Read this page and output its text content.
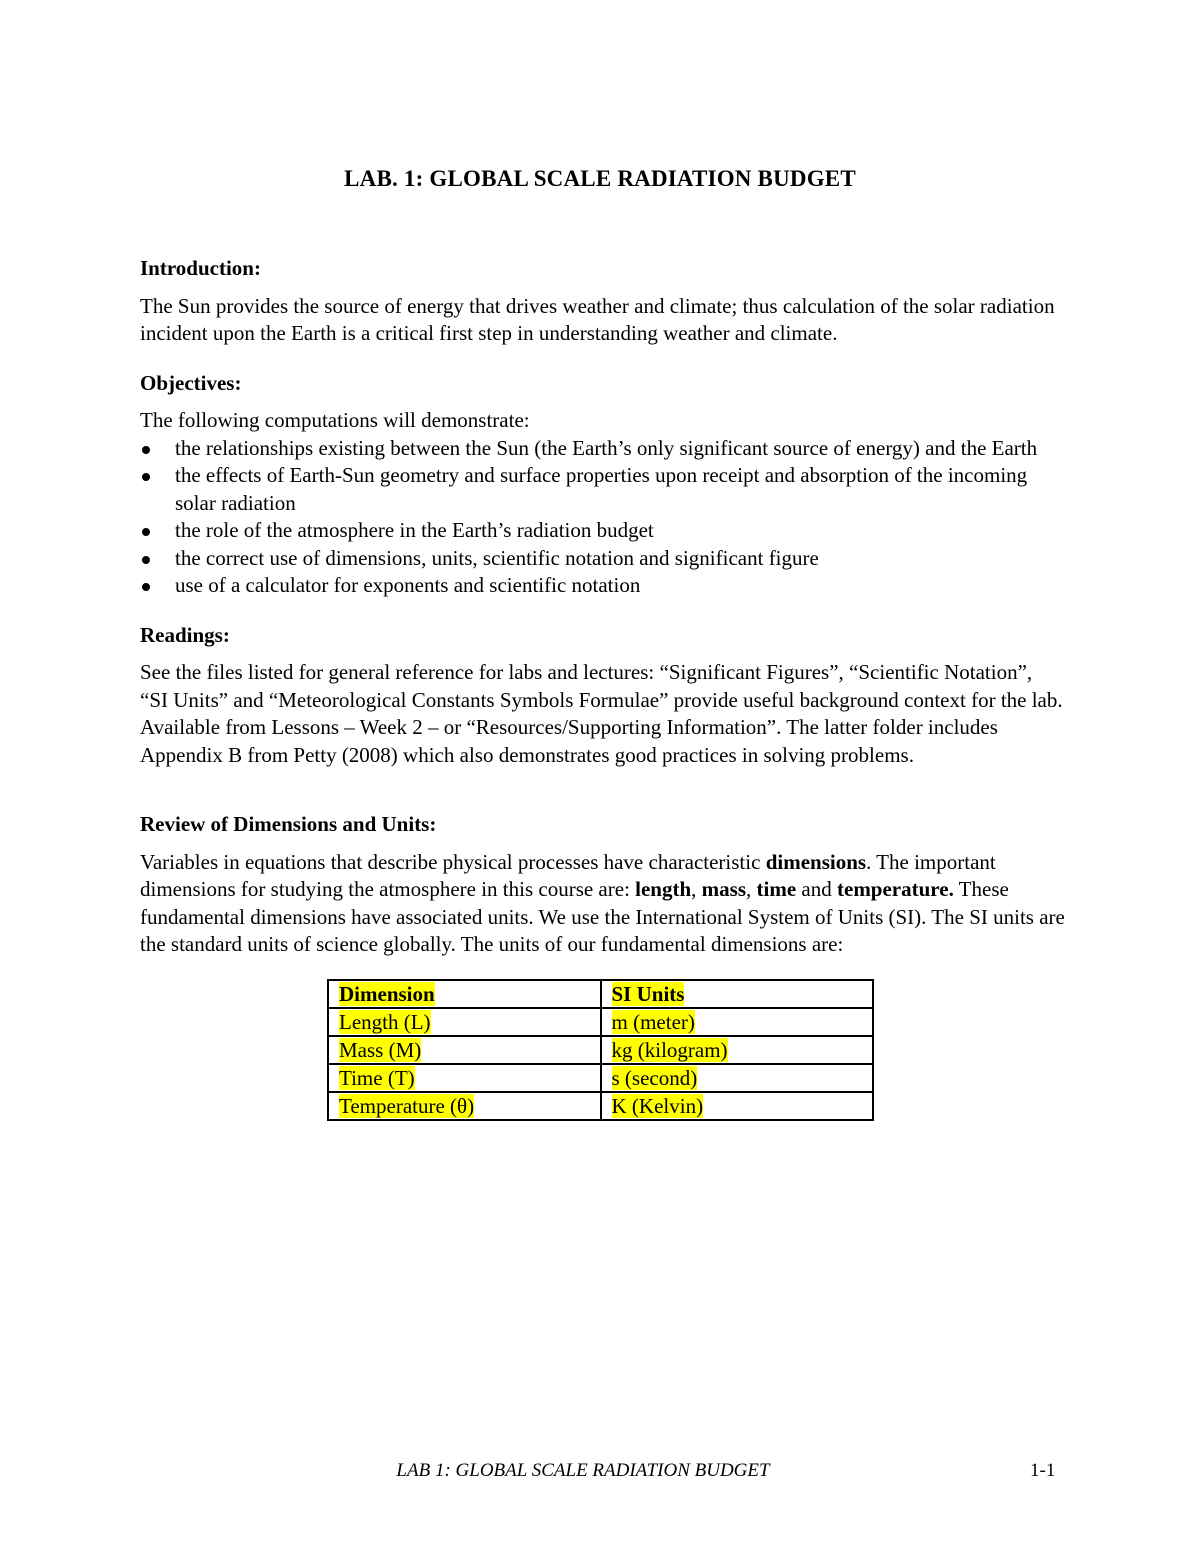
LAB. 1: GLOBAL SCALE RADIATION BUDGET
Introduction:
The Sun provides the source of energy that drives weather and climate; thus calculation of the solar radiation incident upon the Earth is a critical first step in understanding weather and climate.
Objectives:
The following computations will demonstrate:
the relationships existing between the Sun (the Earth’s only significant source of energy) and the Earth
the effects of Earth-Sun geometry and surface properties upon receipt and absorption of the incoming solar radiation
the role of the atmosphere in the Earth’s radiation budget
the correct use of dimensions, units, scientific notation and significant figure
use of a calculator for exponents and scientific notation
Readings:
See the files listed for general reference for labs and lectures: “Significant Figures”, “Scientific Notation”, “SI Units” and “Meteorological Constants Symbols Formulae” provide useful background context for the lab. Available from Lessons – Week 2 – or “Resources/Supporting Information”. The latter folder includes Appendix B from Petty (2008) which also demonstrates good practices in solving problems.
Review of Dimensions and Units:
Variables in equations that describe physical processes have characteristic dimensions. The important dimensions for studying the atmosphere in this course are: length, mass, time and temperature. These fundamental dimensions have associated units. We use the International System of Units (SI). The SI units are the standard units of science globally. The units of our fundamental dimensions are:
Dimension	SI Units
Length (L)	m (meter)
Mass (M)	kg (kilogram)
Time (T)	s (second)
Temperature (θ)	K (Kelvin)
LAB 1: GLOBAL SCALE RADIATION BUDGET	1-1
